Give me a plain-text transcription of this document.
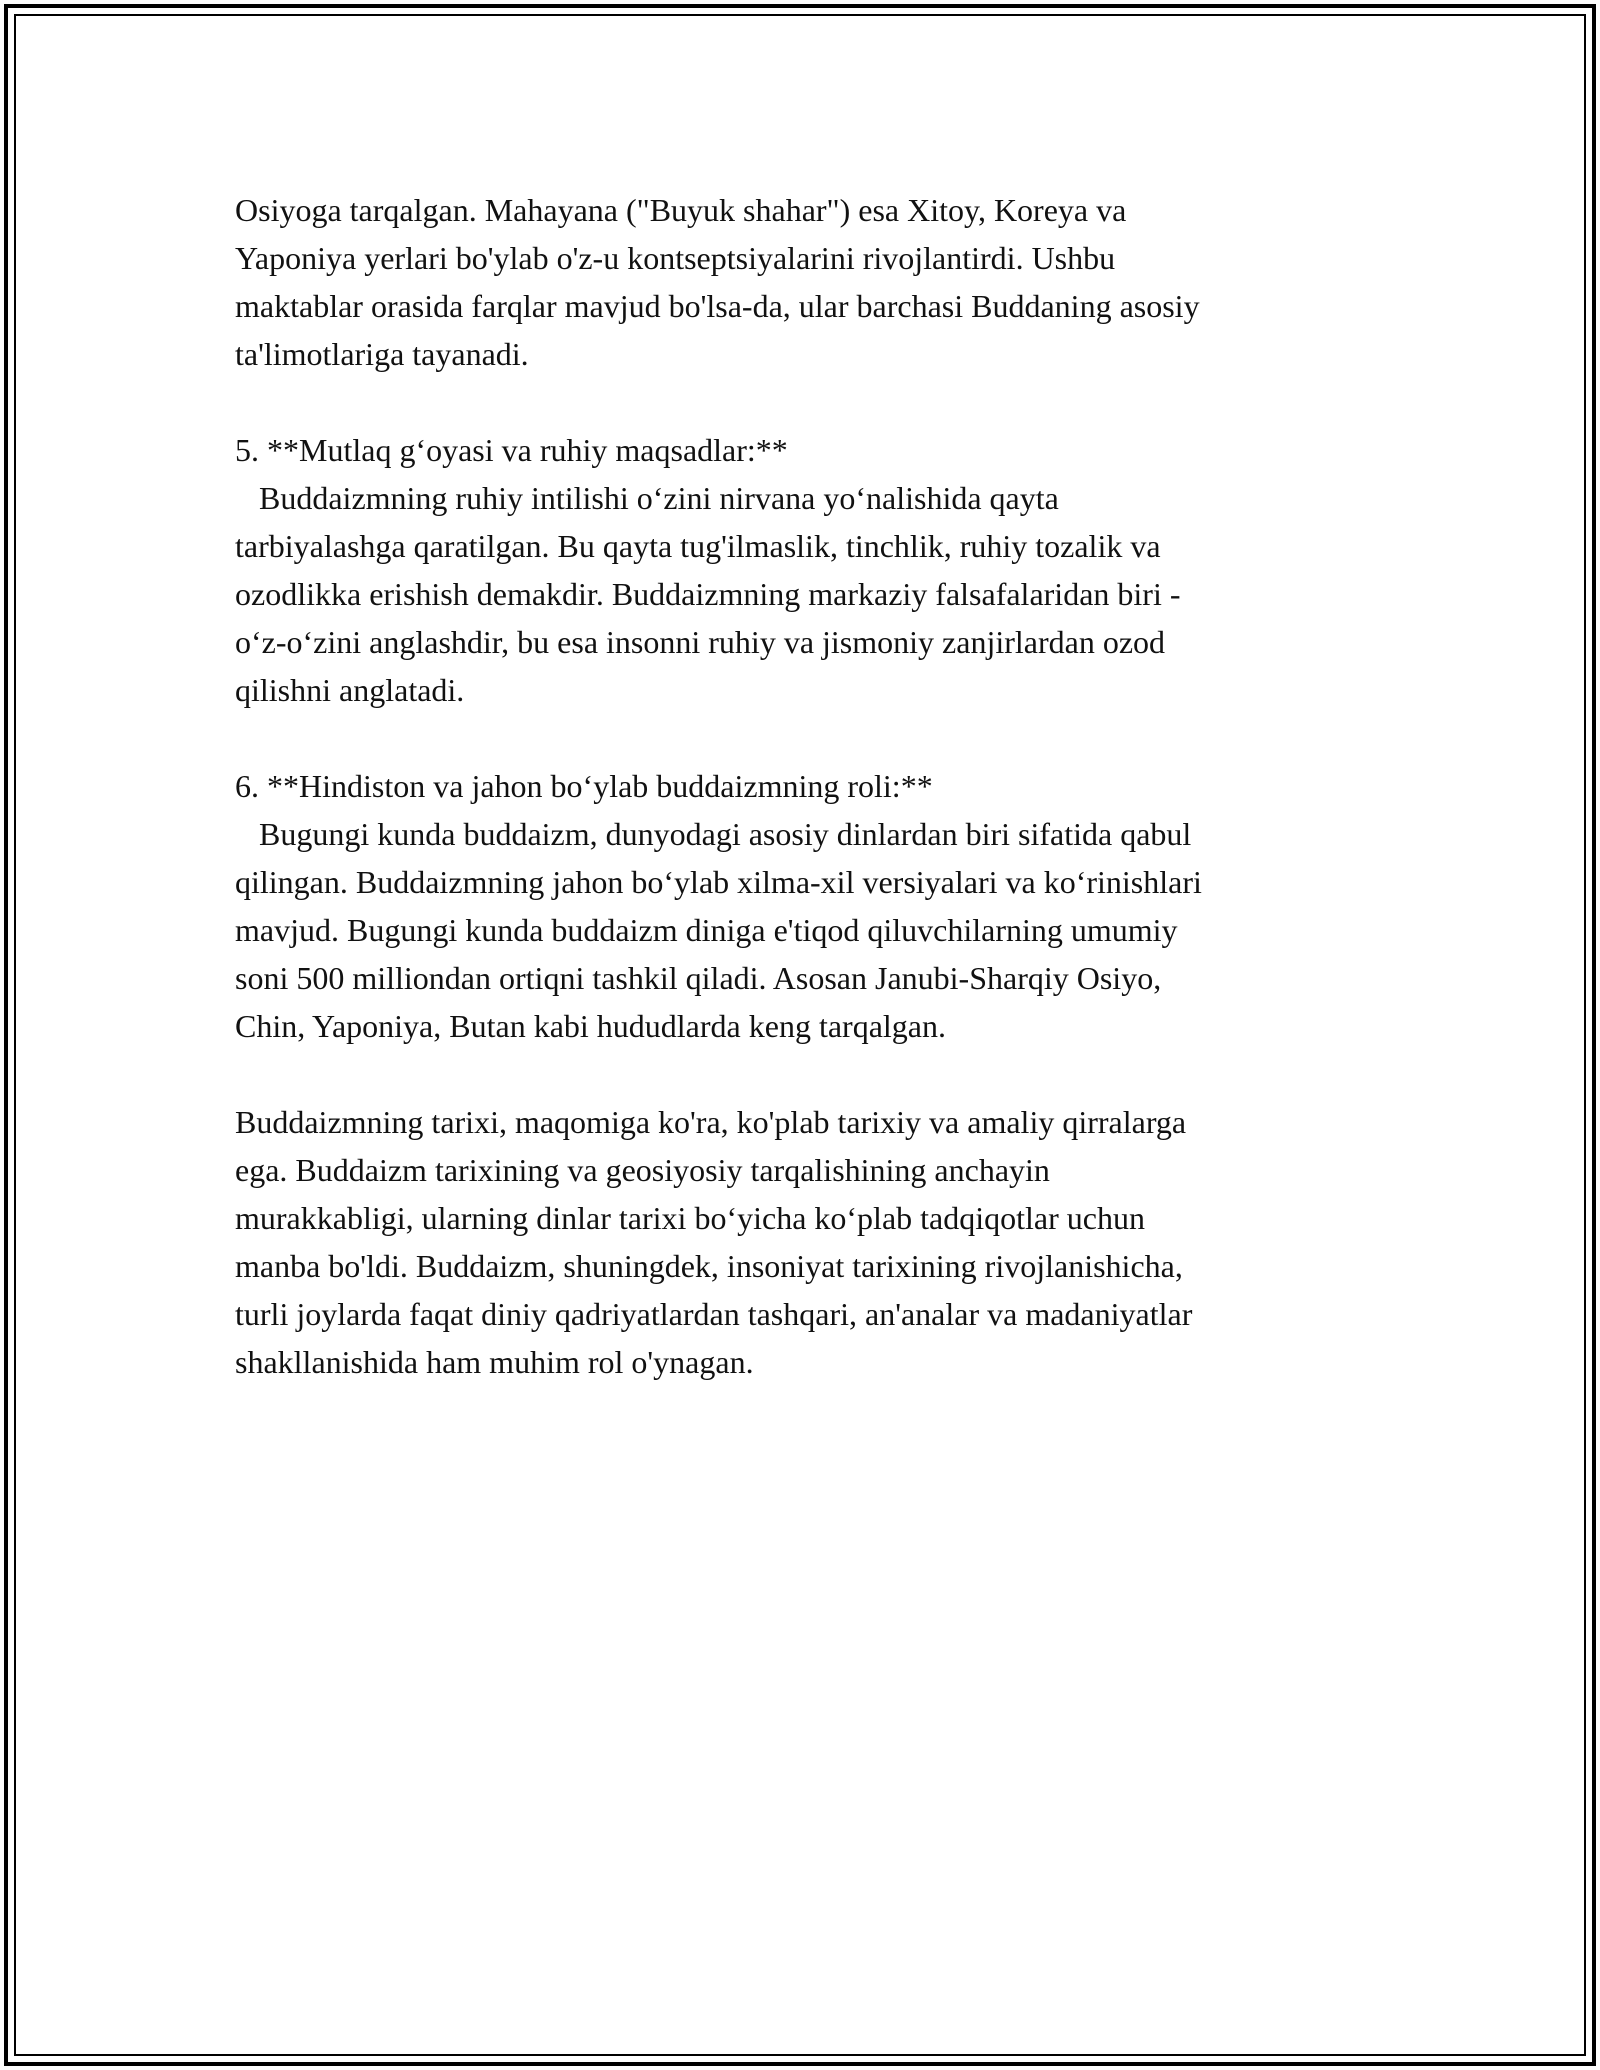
Osiyoga tarqalgan. Mahayana ("Buyuk shahar") esa Xitoy, Koreya va
Yaponiya yerlari bo'ylab o'z-u kontseptsiyalarini rivojlantirdi. Ushbu
maktablar orasida farqlar mavjud bo'lsa-da, ular barchasi Buddaning asosiy
ta'limotlariga tayanadi.

5. **Mutlaq g‘oyasi va ruhiy maqsadlar:**
Buddaizmning ruhiy intilishi o‘zini nirvana yo‘nalishida qayta
tarbiyalashga qaratilgan. Bu qayta tug'ilmaslik, tinchlik, ruhiy tozalik va
ozodlikka erishish demakdir. Buddaizmning markaziy falsafalaridan biri -
o‘z-o‘zini anglashdir, bu esa insonni ruhiy va jismoniy zanjirlardan ozod
qilishni anglatadi.

6. **Hindiston va jahon bo‘ylab buddaizmning roli:**
Bugungi kunda buddaizm, dunyodagi asosiy dinlardan biri sifatida qabul
qilingan. Buddaizmning jahon bo‘ylab xilma-xil versiyalari va ko‘rinishlari
mavjud. Bugungi kunda buddaizm diniga e'tiqod qiluvchilarning umumiy
soni 500 milliondan ortiqni tashkil qiladi. Asosan Janubi-Sharqiy Osiyo,
Chin, Yaponiya, Butan kabi hududlarda keng tarqalgan.

Buddaizmning tarixi, maqomiga ko'ra, ko'plab tarixiy va amaliy qirralarga
ega. Buddaizm tarixining va geosiyosiy tarqalishining anchayin
murakkabligi, ularning dinlar tarixi bo‘yicha ko‘plab tadqiqotlar uchun
manba bo'ldi. Buddaizm, shuningdek, insoniyat tarixining rivojlanishicha,
turli joylarda faqat diniy qadriyatlardan tashqari, an'analar va madaniyatlar
shakllanishida ham muhim rol o'ynagan.
